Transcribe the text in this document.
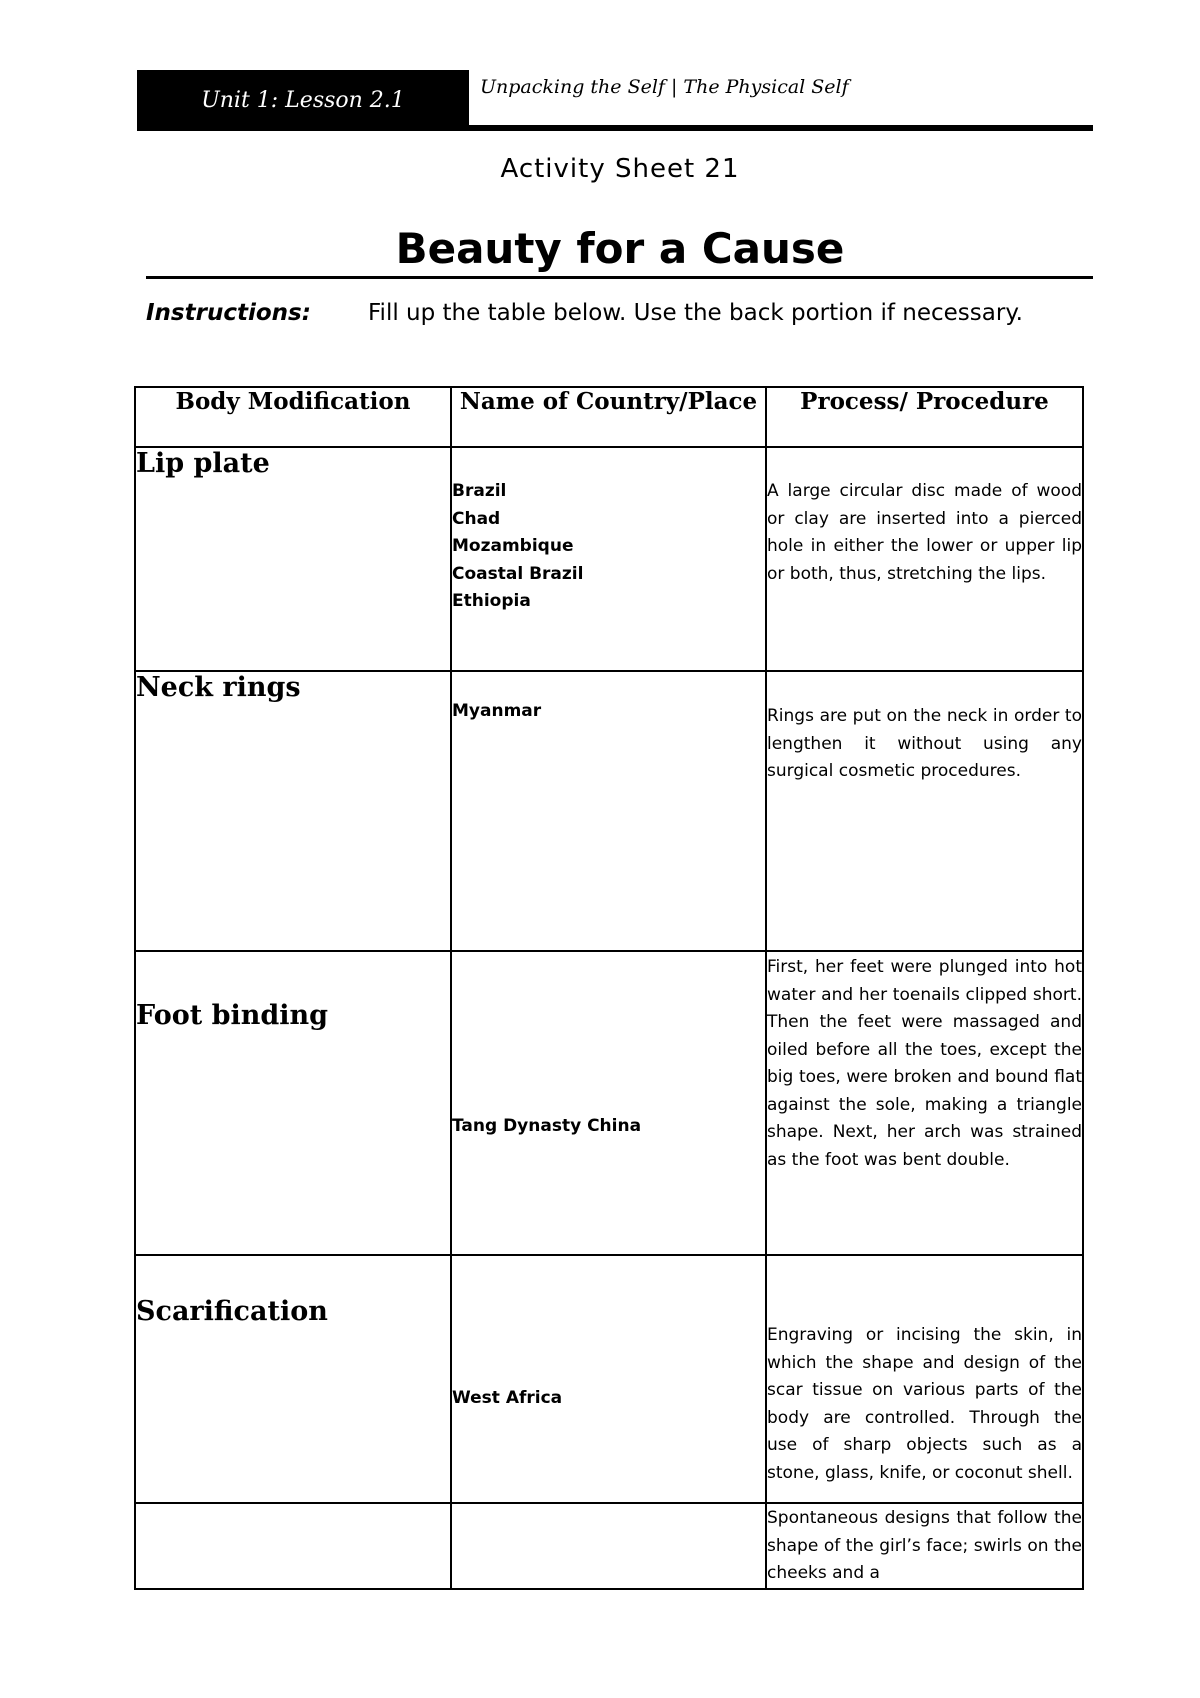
Unit 1: Lesson 2.1
Unpacking the Self | The Physical Self
Activity Sheet 21
Beauty for a Cause
Instructions: Fill up the table below. Use the back portion if necessary.
Body Modification	Name of Country/Place	Process/ Procedure
Lip plate	Brazil
Chad
Mozambique
Coastal Brazil
Ethiopia	A large circular disc made of wood or clay are inserted into a pierced hole in either the lower or upper lip or both, thus, stretching the lips.
Neck rings	Myanmar	Rings are put on the neck in order to lengthen it without using any surgical cosmetic procedures.
Foot binding	Tang Dynasty China	First, her feet were plunged into hot water and her toenails clipped short. Then the feet were massaged and oiled before all the toes, except the big toes, were broken and bound flat against the sole, making a triangle shape. Next, her arch was strained as the foot was bent double.
Scarification	West Africa	Engraving or incising the skin, in which the shape and design of the scar tissue on various parts of the body are controlled. Through the use of sharp objects such as a stone, glass, knife, or coconut shell.
		Spontaneous designs that follow the shape of the girl’s face; swirls on the cheeks and a
